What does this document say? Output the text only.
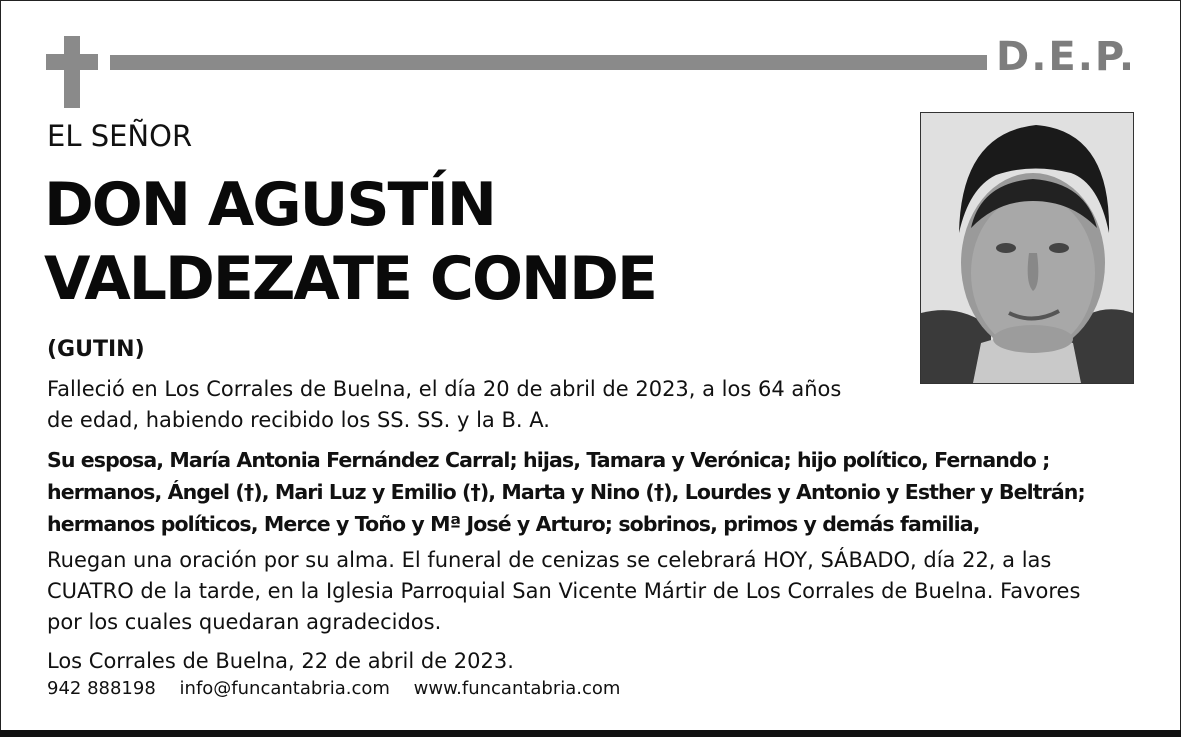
D.E.P.
EL SEÑOR
DON AGUSTÍN
VALDEZATE CONDE
(GUTIN)
Falleció en Los Corrales de Buelna, el día 20 de abril de 2023, a los 64 años
de edad, habiendo recibido los SS. SS. y la B. A.
Su esposa, María Antonia Fernández Carral; hijas, Tamara y Verónica; hijo político, Fernando ;
hermanos, Ángel (†), Mari Luz y Emilio (†), Marta y Nino (†), Lourdes y Antonio y Esther y Beltrán;
hermanos políticos, Merce y Toño y Mª José y Arturo; sobrinos, primos y demás familia,
Ruegan una oración por su alma. El funeral de cenizas se celebrará HOY, SÁBADO, día 22, a las
CUATRO de la tarde, en la Iglesia Parroquial San Vicente Mártir de Los Corrales de Buelna. Favores
por los cuales quedaran agradecidos.
Los Corrales de Buelna, 22 de abril de 2023.
942 888198 info@funcantabria.com www.funcantabria.com
